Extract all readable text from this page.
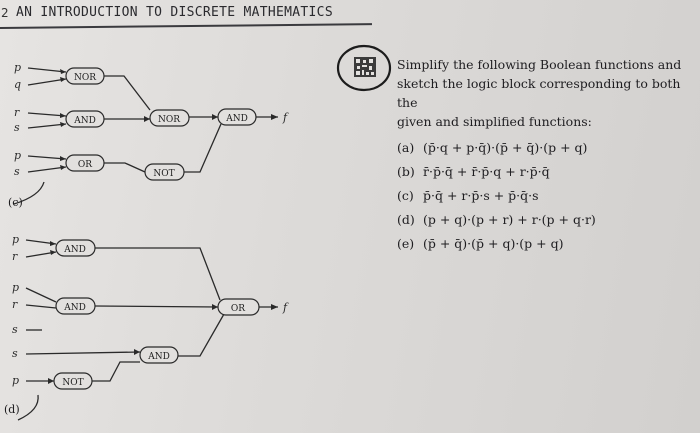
2 AN INTRODUCTION TO DISCRETE MATHEMATICS
NOR
AND
OR
NOR
NOT
AND
AND
AND	OR
AND
NOT
p
q
r
s
p
s
f
p
r
p
r
s
s
p
f
(c)
(d)

Simplify the following Boolean functions and

sketch the logic block corresponding to both the

given and simplified functions:

(a) (p̄·q + p·q̄)·(p̄ + q̄)·(p + q)
(b) r̄·p̄·q̄ + r̄·p̄·q + r·p̄·q̄
(c) p̄·q̄ + r·p̄·s + p̄·q̄·s
(d) (p + q)·(p + r) + r·(p + q·r)
(e) (p̄ + q̄)·(p̄ + q)·(p + q)
